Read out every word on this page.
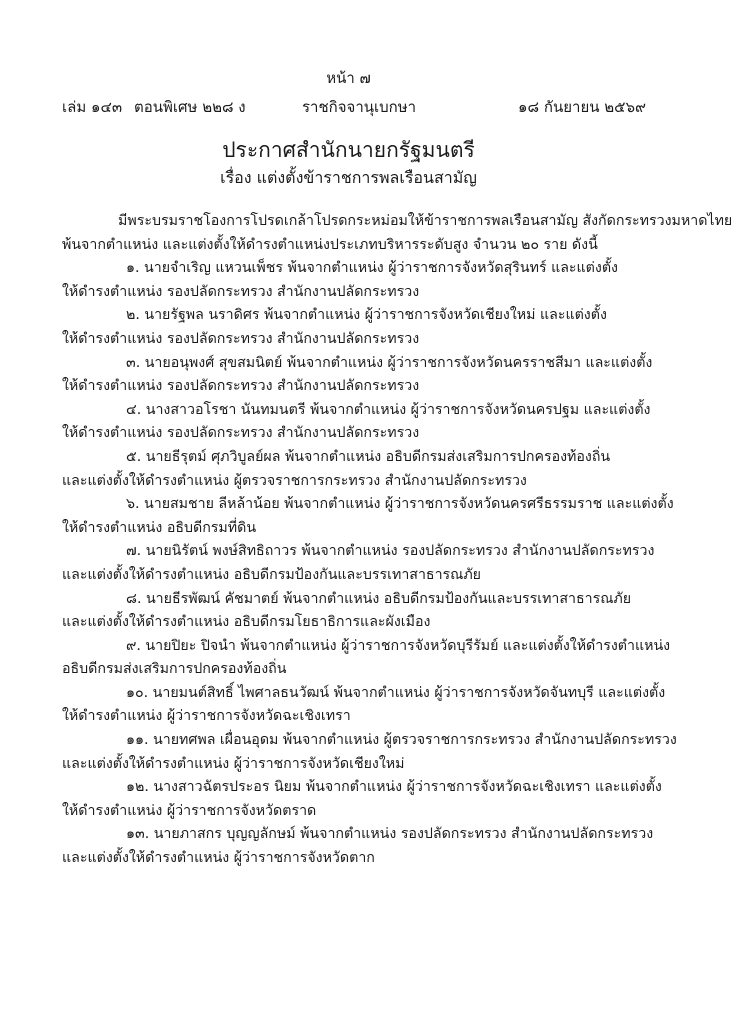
หน้า ๗
เล่ม ๑๔๓ ตอนพิเศษ ๒๒๘ ง	ราชกิจจานุเบกษา	๑๘ กันยายน ๒๕๖๙
ประกาศสำนักนายกรัฐมนตรี
เรื่อง แต่งตั้งข้าราชการพลเรือนสามัญ
มีพระบรมราชโองการโปรดเกล้าโปรดกระหม่อมให้ข้าราชการพลเรือนสามัญ สังกัดกระทรวงมหาดไทย
พ้นจากตำแหน่ง และแต่งตั้งให้ดำรงตำแหน่งประเภทบริหารระดับสูง จำนวน ๒๐ ราย ดังนี้
๑. นายจำเริญ แหวนเพ็ชร พ้นจากตำแหน่ง ผู้ว่าราชการจังหวัดสุรินทร์ และแต่งตั้ง
ให้ดำรงตำแหน่ง รองปลัดกระทรวง สำนักงานปลัดกระทรวง
๒. นายรัฐพล นราดิศร พ้นจากตำแหน่ง ผู้ว่าราชการจังหวัดเชียงใหม่ และแต่งตั้ง
ให้ดำรงตำแหน่ง รองปลัดกระทรวง สำนักงานปลัดกระทรวง
๓. นายอนุพงศ์ สุขสมนิตย์ พ้นจากตำแหน่ง ผู้ว่าราชการจังหวัดนครราชสีมา และแต่งตั้ง
ให้ดำรงตำแหน่ง รองปลัดกระทรวง สำนักงานปลัดกระทรวง
๔. นางสาวอโรชา นันทมนตรี พ้นจากตำแหน่ง ผู้ว่าราชการจังหวัดนครปฐม และแต่งตั้ง
ให้ดำรงตำแหน่ง รองปลัดกระทรวง สำนักงานปลัดกระทรวง
๕. นายธีรุตม์ ศุภวิบูลย์ผล พ้นจากตำแหน่ง อธิบดีกรมส่งเสริมการปกครองท้องถิ่น
และแต่งตั้งให้ดำรงตำแหน่ง ผู้ตรวจราชการกระทรวง สำนักงานปลัดกระทรวง
๖. นายสมชาย ลีหล้าน้อย พ้นจากตำแหน่ง ผู้ว่าราชการจังหวัดนครศรีธรรมราช และแต่งตั้ง
ให้ดำรงตำแหน่ง อธิบดีกรมที่ดิน
๗. นายนิรัตน์ พงษ์สิทธิถาวร พ้นจากตำแหน่ง รองปลัดกระทรวง สำนักงานปลัดกระทรวง
และแต่งตั้งให้ดำรงตำแหน่ง อธิบดีกรมป้องกันและบรรเทาสาธารณภัย
๘. นายธีรพัฒน์ คัชมาตย์ พ้นจากตำแหน่ง อธิบดีกรมป้องกันและบรรเทาสาธารณภัย
และแต่งตั้งให้ดำรงตำแหน่ง อธิบดีกรมโยธาธิการและผังเมือง
๙. นายปิยะ ปิจนำ พ้นจากตำแหน่ง ผู้ว่าราชการจังหวัดบุรีรัมย์ และแต่งตั้งให้ดำรงตำแหน่ง
อธิบดีกรมส่งเสริมการปกครองท้องถิ่น
๑๐. นายมนต์สิทธิ์ ไพศาลธนวัฒน์ พ้นจากตำแหน่ง ผู้ว่าราชการจังหวัดจันทบุรี และแต่งตั้ง
ให้ดำรงตำแหน่ง ผู้ว่าราชการจังหวัดฉะเชิงเทรา
๑๑. นายทศพล เผื่อนอุดม พ้นจากตำแหน่ง ผู้ตรวจราชการกระทรวง สำนักงานปลัดกระทรวง
และแต่งตั้งให้ดำรงตำแหน่ง ผู้ว่าราชการจังหวัดเชียงใหม่
๑๒. นางสาวฉัตรประอร นิยม พ้นจากตำแหน่ง ผู้ว่าราชการจังหวัดฉะเชิงเทรา และแต่งตั้ง
ให้ดำรงตำแหน่ง ผู้ว่าราชการจังหวัดตราด
๑๓. นายภาสกร บุญญลักษม์ พ้นจากตำแหน่ง รองปลัดกระทรวง สำนักงานปลัดกระทรวง
และแต่งตั้งให้ดำรงตำแหน่ง ผู้ว่าราชการจังหวัดตาก
